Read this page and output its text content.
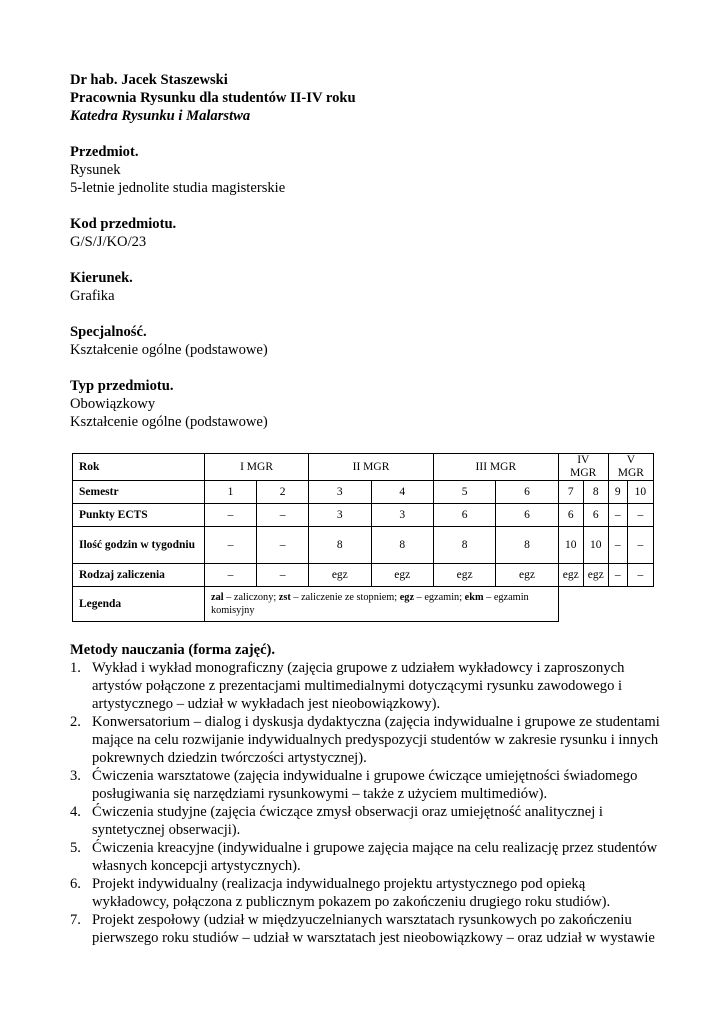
Dr hab. Jacek Staszewski
Pracownia Rysunku dla studentów II-IV roku
Katedra Rysunku i Malarstwa
Przedmiot.
Rysunek
5-letnie jednolite studia magisterskie
Kod przedmiotu.
G/S/J/KO/23
Kierunek.
Grafika
Specjalność.
Kształcenie ogólne (podstawowe)
Typ przedmiotu.
Obowiązkowy
Kształcenie ogólne (podstawowe)
Rok	I MGR		II MGR		III MGR		IV MGR		V MGR	
Semestr	1	2	3	4	5	6	7	8	9	10
Punkty ECTS	–	–	3	3	6	6	6	6	–	–
Ilość godzin w tygodniu	–	–	8	8	8	8	10	10	–	–
Rodzaj zaliczenia	–	–	egz	egz	egz	egz	egz	egz	–	–
Legenda	zal – zaliczony; zst – zaliczenie ze stopniem; egz – egzamin; ekm – egzamin komisyjny									
Metody nauczania (forma zajęć).
1. Wykład i wykład monograficzny (zajęcia grupowe z udziałem wykładowcy i zaproszonych artystów połączone z prezentacjami multimedialnymi dotyczącymi rysunku zawodowego i artystycznego – udział w wykładach jest nieobowiązkowy).
2. Konwersatorium – dialog i dyskusja dydaktyczna (zajęcia indywidualne i grupowe ze studentami mające na celu rozwijanie indywidualnych predyspozycji studentów w zakresie rysunku i innych pokrewnych dziedzin twórczości artystycznej).
3. Ćwiczenia warsztatowe (zajęcia indywidualne i grupowe ćwiczące umiejętności świadomego posługiwania się narzędziami rysunkowymi – także z użyciem multimediów).
4. Ćwiczenia studyjne (zajęcia ćwiczące zmysł obserwacji oraz umiejętność analitycznej i syntetycznej obserwacji).
5. Ćwiczenia kreacyjne (indywidualne i grupowe zajęcia mające na celu realizację przez studentów własnych koncepcji artystycznych).
6. Projekt indywidualny (realizacja indywidualnego projektu artystycznego pod opieką wykładowcy, połączona z publicznym pokazem po zakończeniu drugiego roku studiów).
7. Projekt zespołowy (udział w międzyuczelnianych warsztatach rysunkowych po zakończeniu pierwszego roku studiów – udział w warsztatach jest nieobowiązkowy – oraz udział w wystawie
